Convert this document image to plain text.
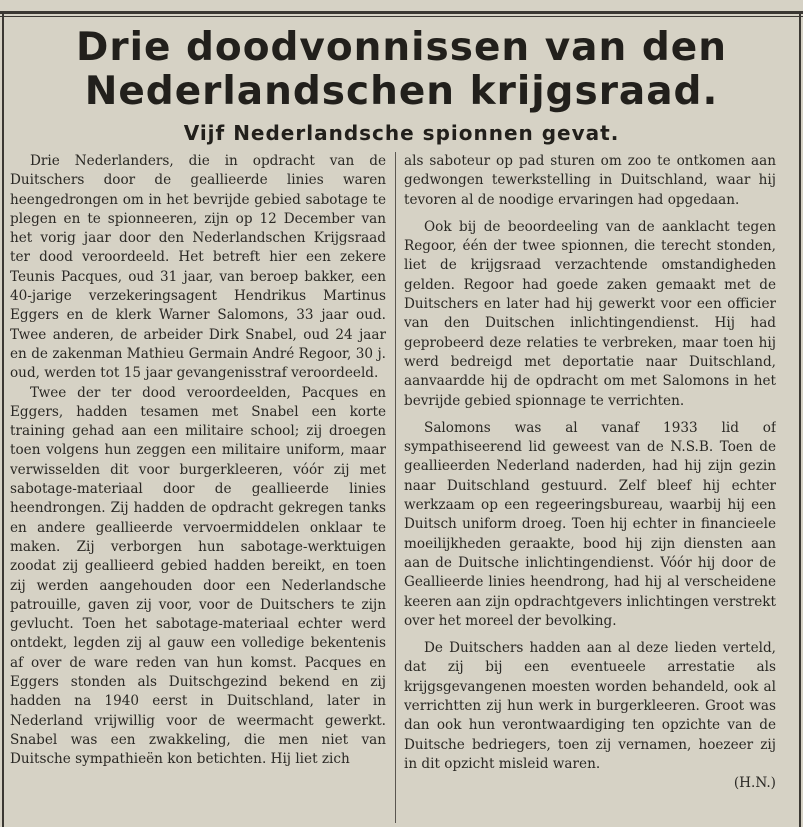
Drie doodvonnissen van den Nederlandschen krijgsraad.
Vijf Nederlandsche spionnen gevat.

Drie Nederlanders, die in opdracht van de Duitschers door de geallieerde linies waren heengedrongen om in het bevrijde gebied sabotage te plegen en te spionneeren, zijn op 12 December van het vorig jaar door den Nederlandschen Krijgsraad ter dood veroordeeld. Het betreft hier een zekere Teunis Pacques, oud 31 jaar, van beroep bakker, een 40-jarige verzekeringsagent Hendrikus Martinus Eggers en de klerk Warner Salomons, 33 jaar oud. Twee anderen, de arbeider Dirk Snabel, oud 24 jaar en de zakenman Mathieu Germain André Regoor, 30 j. oud, werden tot 15 jaar gevangenisstraf veroordeeld.

Twee der ter dood veroordeelden, Pacques en Eggers, hadden tesamen met Snabel een korte training gehad aan een militaire school; zij droegen toen volgens hun zeggen een militaire uniform, maar verwisselden dit voor burgerkleeren, vóór zij met sabotage-materiaal door de geallieerde linies heendrongen. Zij hadden de opdracht gekregen tanks en andere geallieerde vervoermiddelen onklaar te maken. Zij verborgen hun sabotage-werktuigen zoodat zij geallieerd gebied hadden bereikt, en toen zij werden aangehouden door een Nederlandsche patrouille, gaven zij voor, voor de Duitschers te zijn gevlucht. Toen het sabotage-materiaal echter werd ontdekt, legden zij al gauw een volledige bekentenis af over de ware reden van hun komst. Pacques en Eggers stonden als Duitschgezind bekend en zij hadden na 1940 eerst in Duitschland, later in Nederland vrijwillig voor de weermacht gewerkt. Snabel was een zwakkeling, die men niet van Duitsche sympathieën kon betichten. Hij liet zich

als saboteur op pad sturen om zoo te ontkomen aan gedwongen tewerkstelling in Duitschland, waar hij tevoren al de noodige ervaringen had opgedaan.

Ook bij de beoordeeling van de aanklacht tegen Regoor, één der twee spionnen, die terecht stonden, liet de krijgsraad verzachtende omstandigheden gelden. Regoor had goede zaken gemaakt met de Duitschers en later had hij gewerkt voor een officier van den Duitschen inlichtingendienst. Hij had geprobeerd deze relaties te verbreken, maar toen hij werd bedreigd met deportatie naar Duitschland, aanvaardde hij de opdracht om met Salomons in het bevrijde gebied spionnage te verrichten.

Salomons was al vanaf 1933 lid of sympathiseerend lid geweest van de N.S.B. Toen de geallieerden Nederland naderden, had hij zijn gezin naar Duitschland gestuurd. Zelf bleef hij echter werkzaam op een regeeringsbureau, waarbij hij een Duitsch uniform droeg. Toen hij echter in financieele moeilijkheden geraakte, bood hij zijn diensten aan aan de Duitsche inlichtingendienst. Vóór hij door de Geallieerde linies heendrong, had hij al verscheidene keeren aan zijn opdrachtgevers inlichtingen verstrekt over het moreel der bevolking.

De Duitschers hadden aan al deze lieden verteld, dat zij bij een eventueele arrestatie als krijgsgevangenen moesten worden behandeld, ook al verrichtten zij hun werk in burgerkleeren. Groot was dan ook hun verontwaardiging ten opzichte van de Duitsche bedriegers, toen zij vernamen, hoezeer zij in dit opzicht misleid waren.

(H.N.)
